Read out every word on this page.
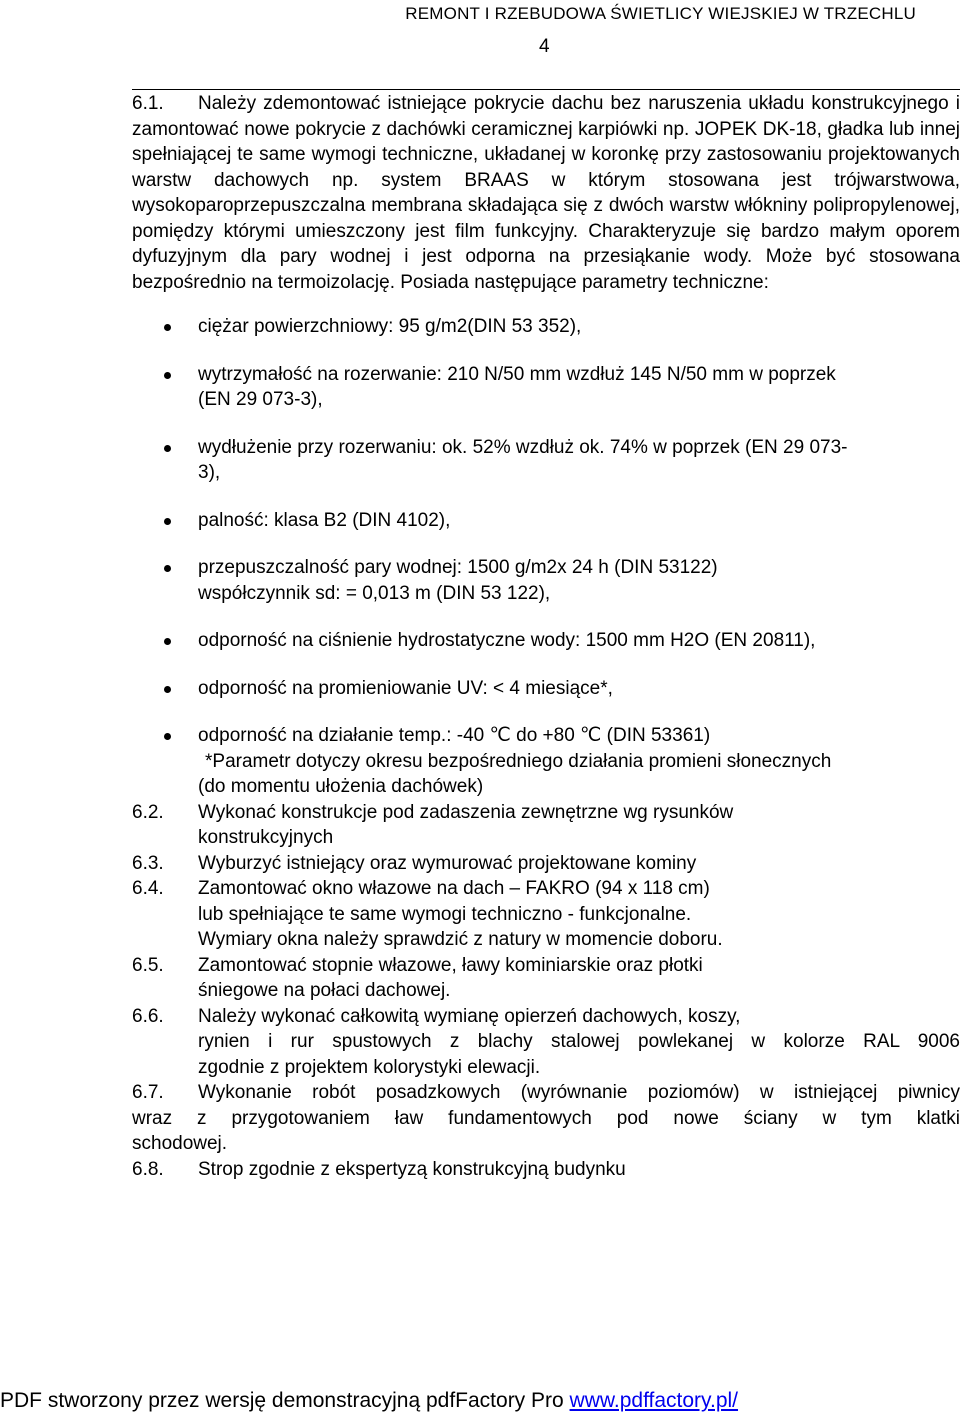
REMONT I RZEBUDOWA ŚWIETLICY WIEJSKIEJ W TRZECHLU
4
6.1. Należy zdemontować istniejące pokrycie dachu bez naruszenia układu konstrukcyjnego i zamontować nowe pokrycie z dachówki ceramicznej karpiówki np. JOPEK DK-18, gładka lub innej spełniającej te same wymogi techniczne, układanej w koronkę przy zastosowaniu projektowanych warstw dachowych np. system BRAAS w którym stosowana jest trójwarstwowa, wysokoparoprzepuszczalna membrana składająca się z dwóch warstw włókniny polipropylenowej, pomiędzy którymi umieszczony jest film funkcyjny. Charakteryzuje się bardzo małym oporem dyfuzyjnym dla pary wodnej i jest odporna na przesiąkanie wody. Może być stosowana bezpośrednio na termoizolację. Posiada następujące parametry techniczne:
ciężar powierzchniowy: 95 g/m2(DIN 53 352),
wytrzymałość na rozerwanie: 210 N/50 mm wzdłuż 145 N/50 mm w poprzek
(EN 29 073-3),
wydłużenie przy rozerwaniu: ok. 52% wzdłuż ok. 74% w poprzek (EN 29 073-
3),
palność: klasa B2 (DIN 4102),
przepuszczalność pary wodnej: 1500 g/m2x 24 h (DIN 53122)
współczynnik sd: = 0,013 m (DIN 53 122),
odporność na ciśnienie hydrostatyczne wody: 1500 mm H2O (EN 20811),
odporność na promieniowanie UV: < 4 miesiące*,
odporność na działanie temp.: -40 ℃ do +80 ℃ (DIN 53361)
*Parametr dotyczy okresu bezpośredniego działania promieni słonecznych
(do momentu ułożenia dachówek)
6.2.	Wykonać konstrukcje pod zadaszenia zewnętrzne wg rysunków
konstrukcyjnych
6.3.	Wyburzyć istniejący oraz wymurować projektowane kominy
6.4.	Zamontować okno włazowe na dach – FAKRO (94 x 118 cm)
lub spełniające te same wymogi techniczno - funkcjonalne.
Wymiary okna należy sprawdzić z natury w momencie doboru.
6.5.	Zamontować stopnie włazowe, ławy kominiarskie oraz płotki
śniegowe na połaci dachowej.
6.6.	Należy wykonać całkowitą wymianę opierzeń dachowych, koszy,
rynien i rur spustowych z blachy stalowej powlekanej w kolorze RAL 9006
zgodnie z projektem kolorystyki elewacji.
6.7. Wykonanie robót posadzkowych (wyrównanie poziomów) w istniejącej piwnicy
wraz z przygotowaniem ław fundamentowych pod nowe ściany w tym klatki
schodowej.
6.8.	Strop zgodnie z ekspertyzą konstrukcyjną budynku
PDF stworzony przez wersję demonstracyjną pdfFactory Pro www.pdffactory.pl/
